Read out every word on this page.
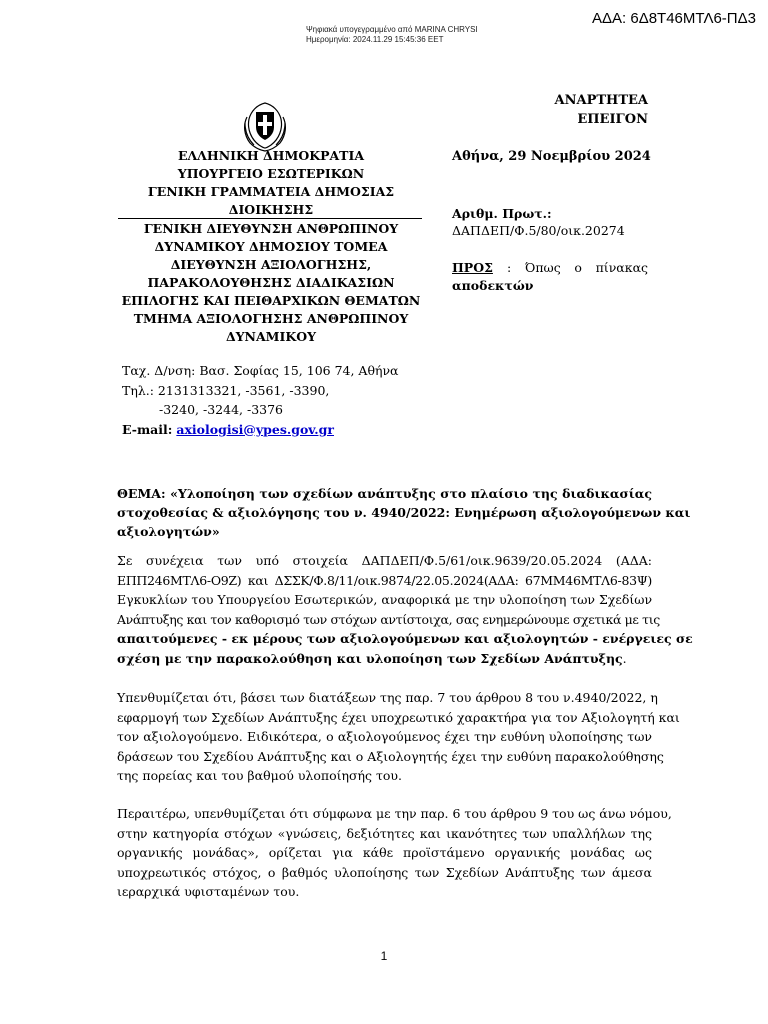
ΑΔΑ: 6Δ8Τ46ΜΤΛ6-ΠΔ3
Ψηφιακά υπογεγραμμένο από MARINA CHRYSI
Ημερομηνία: 2024.11.29 15:45:36 EET
ΕΛΛΗΝΙΚΗ ΔΗΜΟΚΡΑΤΙΑ
ΥΠΟΥΡΓΕΙΟ ΕΣΩΤΕΡΙΚΩΝ
ΓΕΝΙΚΗ ΓΡΑΜΜΑΤΕΙΑ ΔΗΜΟΣΙΑΣ
ΔΙΟΙΚΗΣΗΣ
ΓΕΝΙΚΗ ΔΙΕΥΘΥΝΣΗ ΑΝΘΡΩΠΙΝΟΥ
ΔΥΝΑΜΙΚΟΥ ΔΗΜΟΣΙΟΥ ΤΟΜΕΑ
ΔΙΕΥΘΥΝΣΗ ΑΞΙΟΛΟΓΗΣΗΣ,
ΠΑΡΑΚΟΛΟΥΘΗΣΗΣ ΔΙΑΔΙΚΑΣΙΩΝ
ΕΠΙΛΟΓΗΣ ΚΑΙ ΠΕΙΘΑΡΧΙΚΩΝ ΘΕΜΑΤΩΝ
ΤΜΗΜΑ ΑΞΙΟΛΟΓΗΣΗΣ ΑΝΘΡΩΠΙΝΟΥ
ΔΥΝΑΜΙΚΟΥ
ΑΝΑΡΤΗΤΕΑ
ΕΠΕΙΓΟΝ
Αθήνα, 29 Νοεμβρίου 2024
Αριθμ. Πρωτ.:
ΔΑΠΔΕΠ/Φ.5/80/οικ.20274
ΠΡΟΣ : Όπως ο πίνακας
αποδεκτών
Ταχ. Δ/νση: Βασ. Σοφίας 15, 106 74, Αθήνα
Τηλ.: 2131313321, -3561, -3390,
-3240, -3244, -3376
E-mail: axiologisi@ypes.gov.gr
ΘΕΜΑ: «Υλοποίηση των σχεδίων ανάπτυξης στο πλαίσιο της διαδικασίας
στοχοθεσίας & αξιολόγησης του ν. 4940/2022: Ενημέρωση αξιολογούμενων και
αξιολογητών»
Σε συνέχεια των υπό στοιχεία ΔΑΠΔΕΠ/Φ.5/61/οικ.9639/20.05.2024 (ΑΔΑ:
ΕΠΠ246ΜΤΛ6-Ο9Ζ) και ΔΣΣΚ/Φ.8/11/οικ.9874/22.05.2024(ΑΔΑ: 67ΜΜ46ΜΤΛ6-83Ψ)
Εγκυκλίων του Υπουργείου Εσωτερικών, αναφορικά με την υλοποίηση των Σχεδίων
Ανάπτυξης και τον καθορισμό των στόχων αντίστοιχα, σας ενημερώνουμε σχετικά με τις
απαιτούμενες - εκ μέρους των αξιολογούμενων και αξιολογητών - ενέργειες σε
σχέση με την παρακολούθηση και υλοποίηση των Σχεδίων Ανάπτυξης.
Υπενθυμίζεται ότι, βάσει των διατάξεων της παρ. 7 του άρθρου 8 του ν.4940/2022, η
εφαρμογή των Σχεδίων Ανάπτυξης έχει υποχρεωτικό χαρακτήρα για τον Αξιολογητή και
τον αξιολογούμενο. Ειδικότερα, ο αξιολογούμενος έχει την ευθύνη υλοποίησης των
δράσεων του Σχεδίου Ανάπτυξης και ο Αξιολογητής έχει την ευθύνη παρακολούθησης
της πορείας και του βαθμού υλοποίησής του.
Περαιτέρω, υπενθυμίζεται ότι σύμφωνα με την παρ. 6 του άρθρου 9 του ως άνω νόμου,
στην κατηγορία στόχων «γνώσεις, δεξιότητες και ικανότητες των υπαλλήλων της
οργανικής μονάδας», ορίζεται για κάθε προϊστάμενο οργανικής μονάδας ως
υποχρεωτικός στόχος, ο βαθμός υλοποίησης των Σχεδίων Ανάπτυξης των άμεσα
ιεραρχικά υφισταμένων του.
1
